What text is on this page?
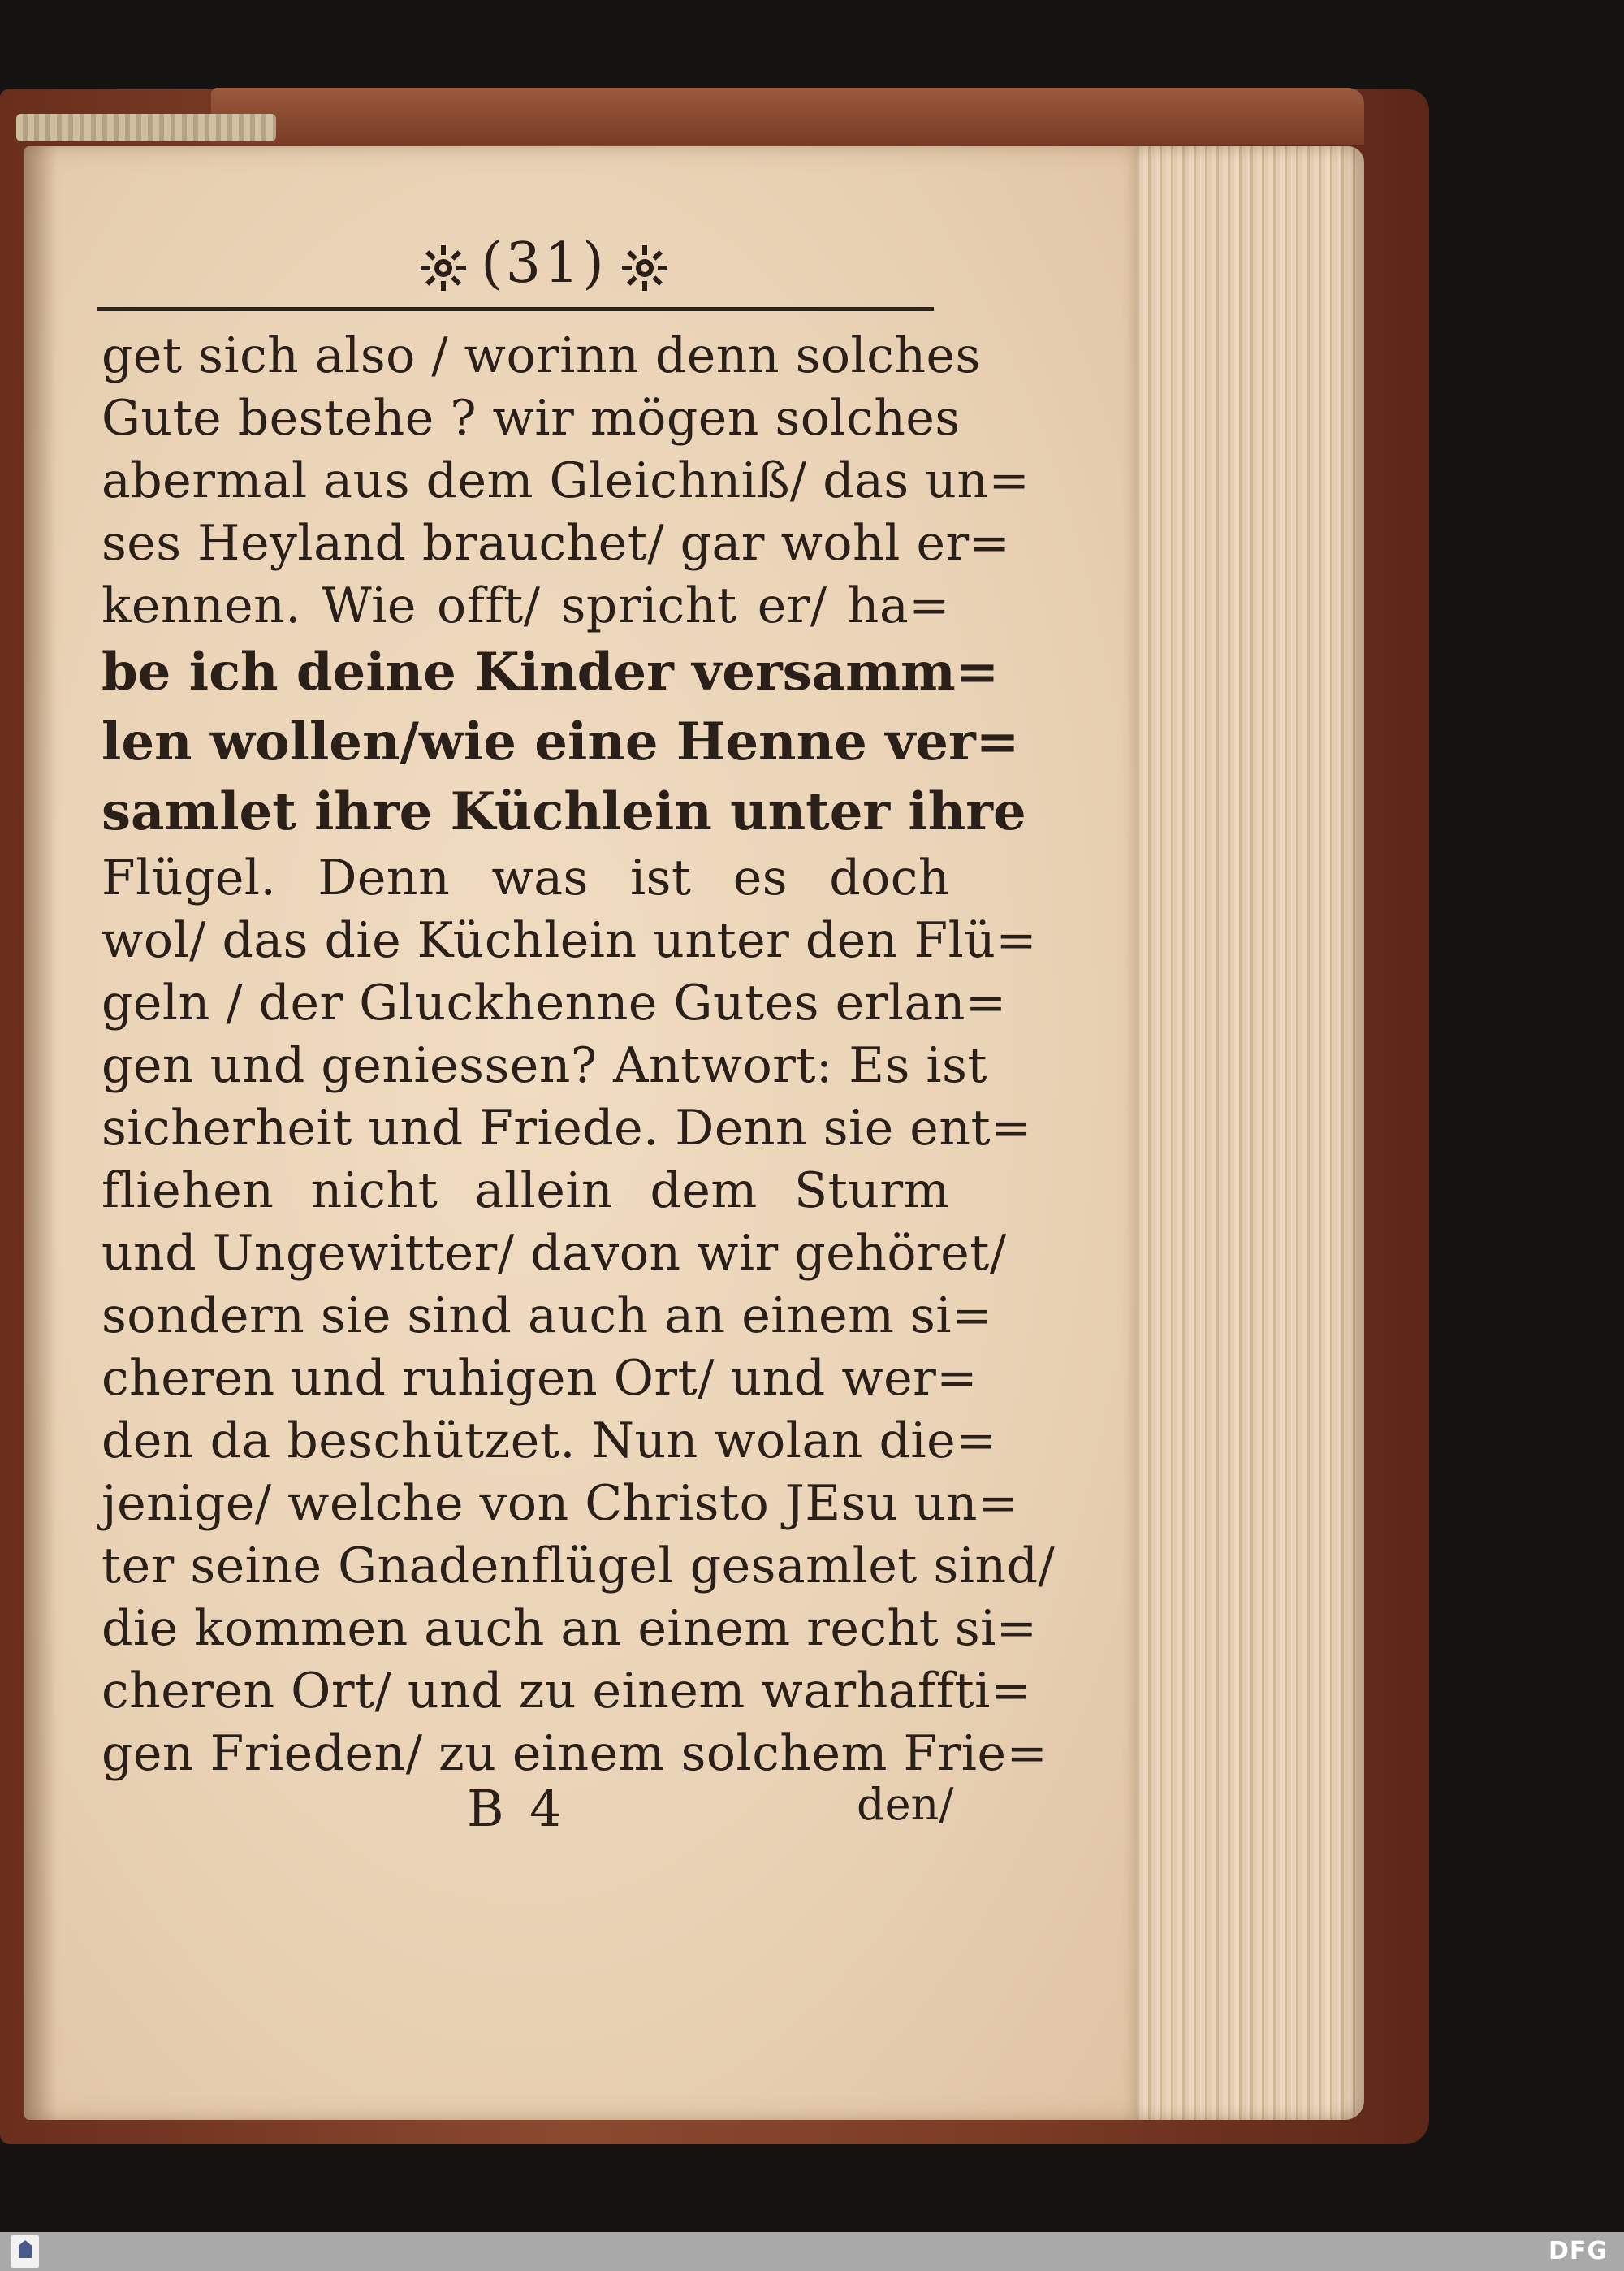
(31)
get sich also / worinn denn solches
Gute bestehe ? wir mögen solches
abermal aus dem Gleichniß/ das un=
ses Heyland brauchet/ gar wohl er=
kennen. Wie offt/ spricht er/ ha=
be ich deine Kinder versamm=
len wollen/wie eine Henne ver=
samlet ihre Küchlein unter ihre
Flügel. Denn was ist es doch
wol/ das die Küchlein unter den Flü=
geln / der Gluckhenne Gutes erlan=
gen und geniessen? Antwort: Es ist
sicherheit und Friede. Denn sie ent=
fliehen nicht allein dem Sturm
und Ungewitter/ davon wir gehöret/
sondern sie sind auch an einem si=
cheren und ruhigen Ort/ und wer=
den da beschützet. Nun wolan die=
jenige/ welche von Christo JEsu un=
ter seine Gnadenflügel gesamlet sind/
die kommen auch an einem recht si=
cheren Ort/ und zu einem warhaffti=
gen Frieden/ zu einem solchem Frie=
B 4	den/
DFG
